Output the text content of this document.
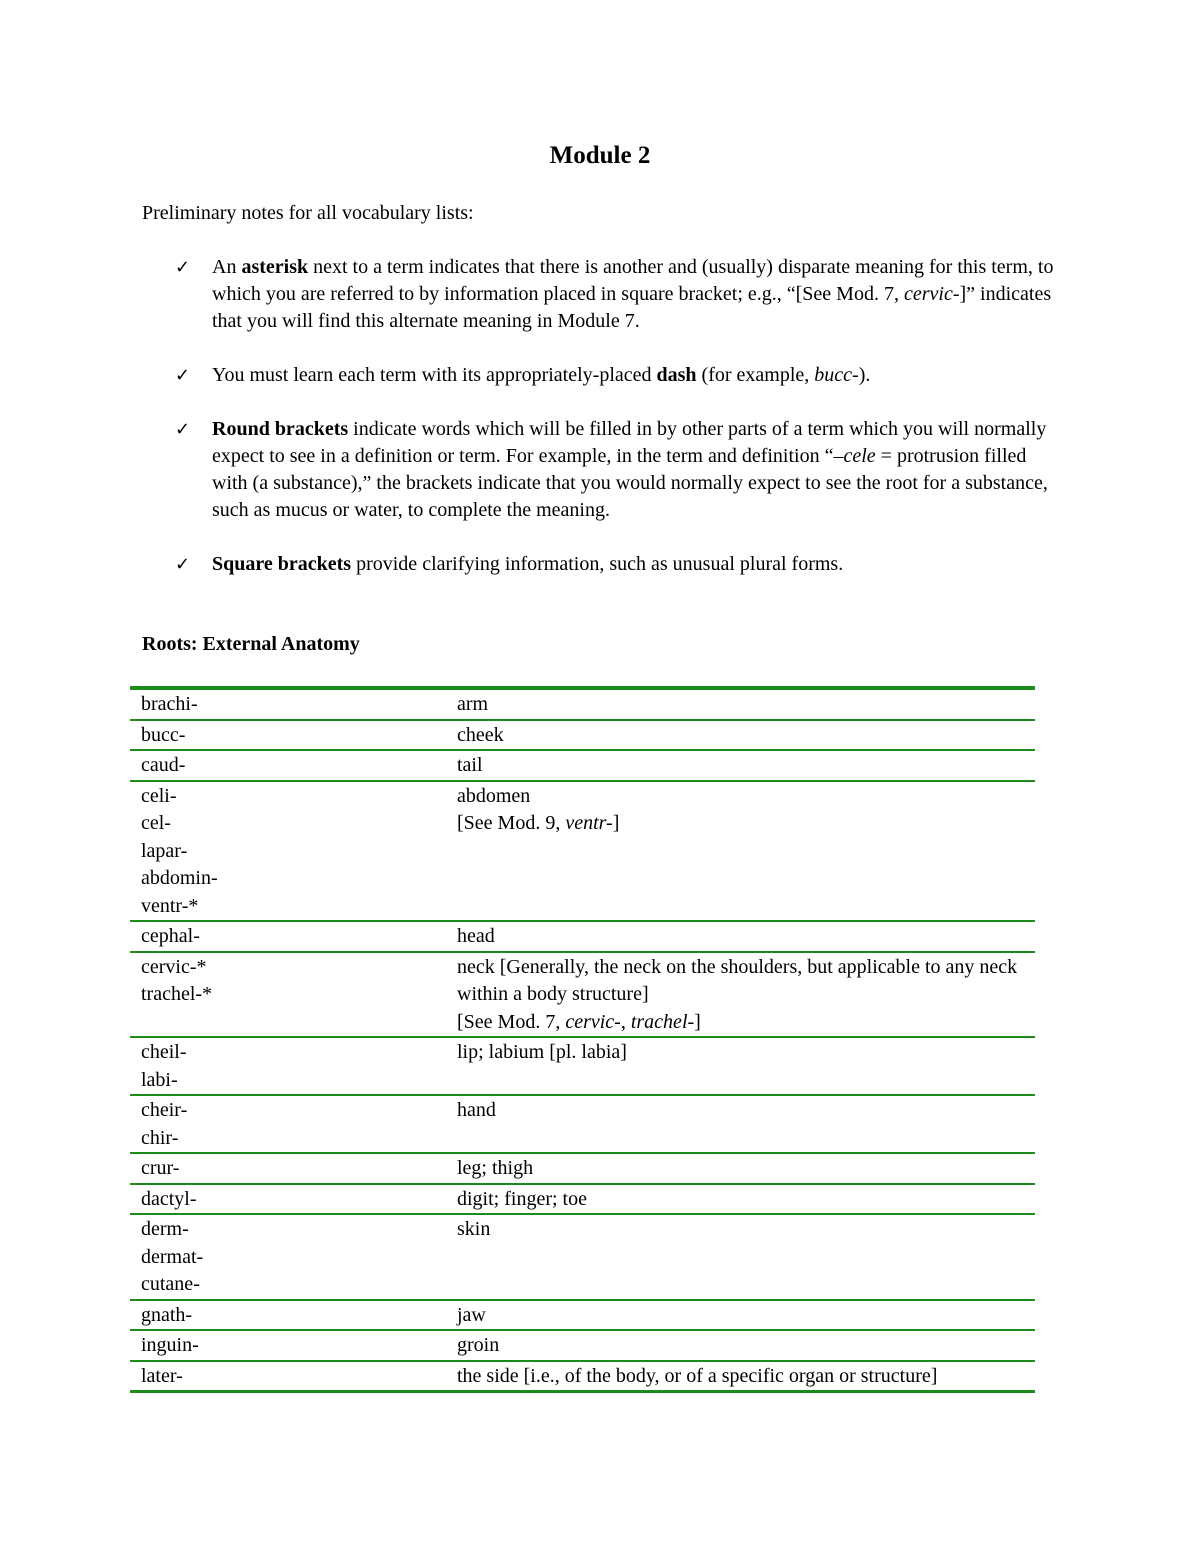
Module 2
Preliminary notes for all vocabulary lists:
✓ An asterisk next to a term indicates that there is another and (usually) disparate meaning for this term, to which you are referred to by information placed in square bracket; e.g., “[See Mod. 7, cervic-]” indicates that you will find this alternate meaning in Module 7.
✓ You must learn each term with its appropriately-placed dash (for example, bucc-).
✓ Round brackets indicate words which will be filled in by other parts of a term which you will normally expect to see in a definition or term. For example, in the term and definition “–cele = protrusion filled with (a substance),” the brackets indicate that you would normally expect to see the root for a substance, such as mucus or water, to complete the meaning.
✓ Square brackets provide clarifying information, such as unusual plural forms.
Roots: External Anatomy
brachi-	arm

bucc-	cheek

caud-	tail

celi-
cel-
lapar-
abdomin-
ventr-*	abdomen
[See Mod. 9, ventr-]

cephal-	head

cervic-*
trachel-*	neck [Generally, the neck on the shoulders, but applicable to any neck within a body structure]
[See Mod. 7, cervic-, trachel-]

cheil-
labi-	lip; labium [pl. labia]

cheir-
chir-	hand

crur-	leg; thigh

dactyl-	digit; finger; toe

derm-
dermat-
cutane-	skin

gnath-	jaw

inguin-	groin

later-	the side [i.e., of the body, or of a specific organ or structure]
